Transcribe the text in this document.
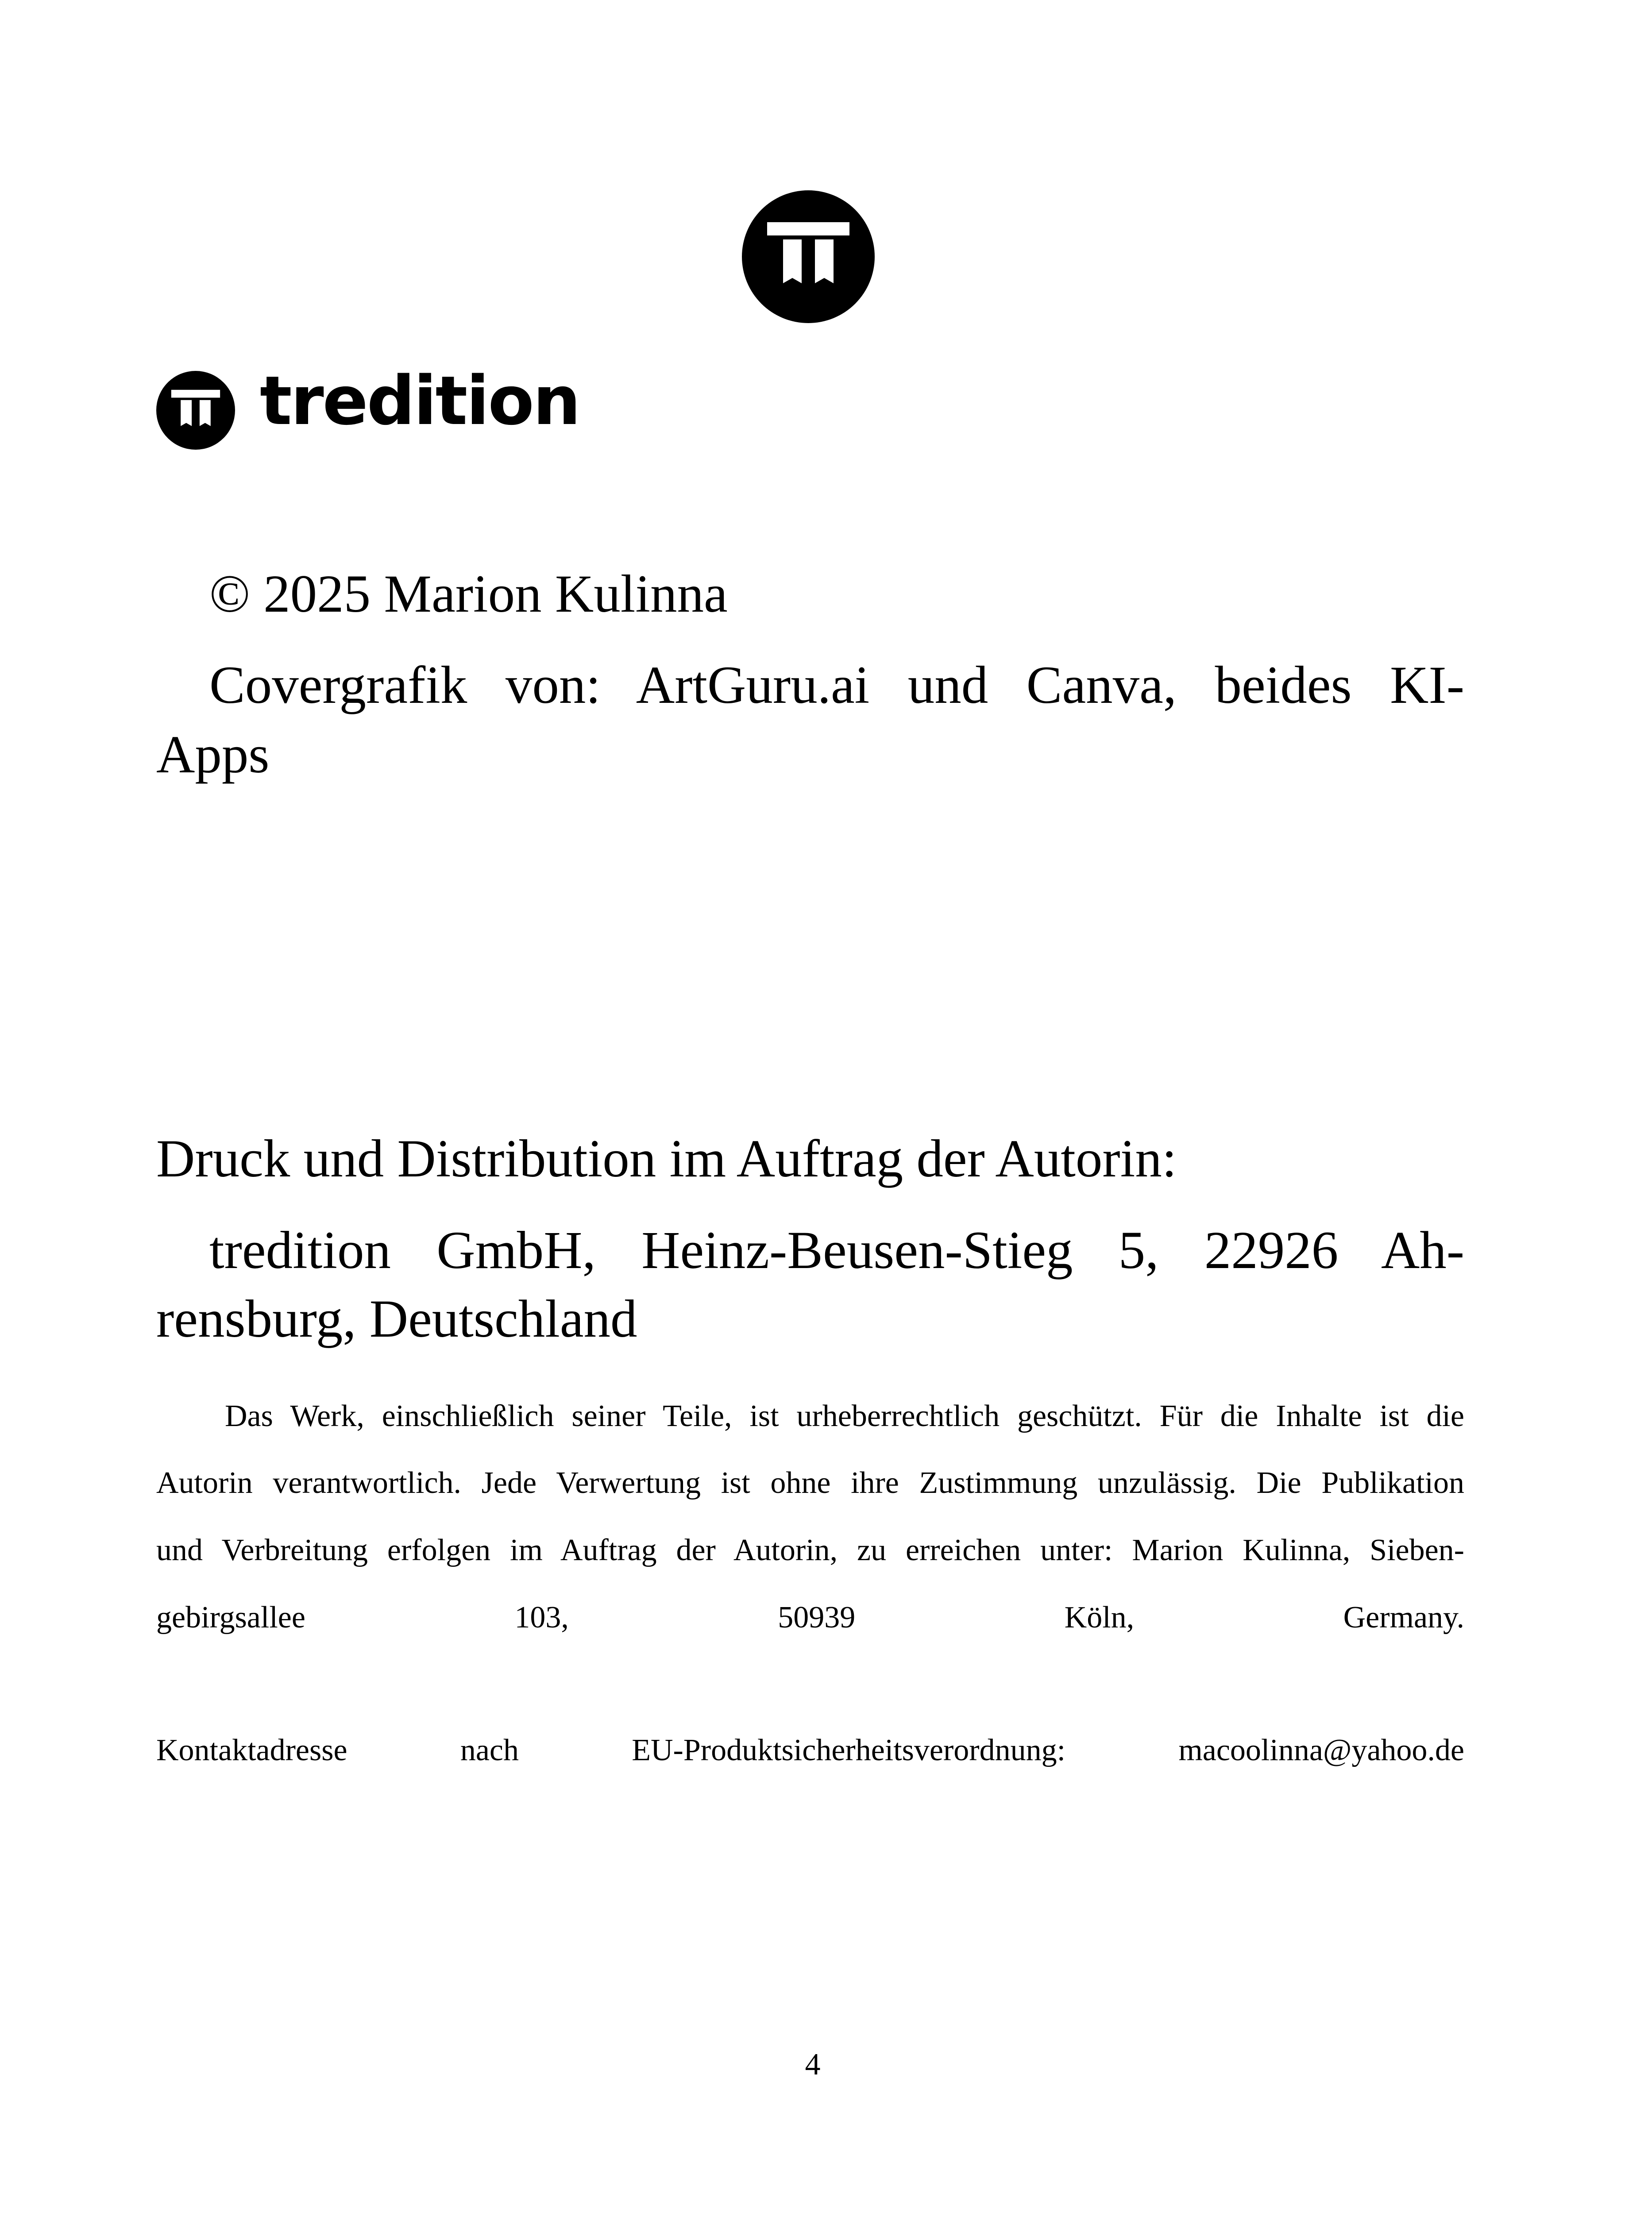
tredition
© 2025 Marion Kulinna
Covergrafik von: ArtGuru.ai und Canva, beides KI-
Apps
Druck und Distribution im Auftrag der Autorin:
tredition GmbH, Heinz-Beusen-Stieg 5, 22926 Ah-
rensburg, Deutschland
Das Werk, einschließlich seiner Teile, ist urheberrechtlich geschützt. Für die Inhalte ist die
Autorin verantwortlich. Jede Verwertung ist ohne ihre Zustimmung unzulässig. Die Publikation
und Verbreitung erfolgen im Auftrag der Autorin, zu erreichen unter: Marion Kulinna, Sieben-
gebirgsallee 103, 50939 Köln, Germany.
Kontaktadresse nach EU-Produktsicherheitsverordnung: macoolinna@yahoo.de
4
